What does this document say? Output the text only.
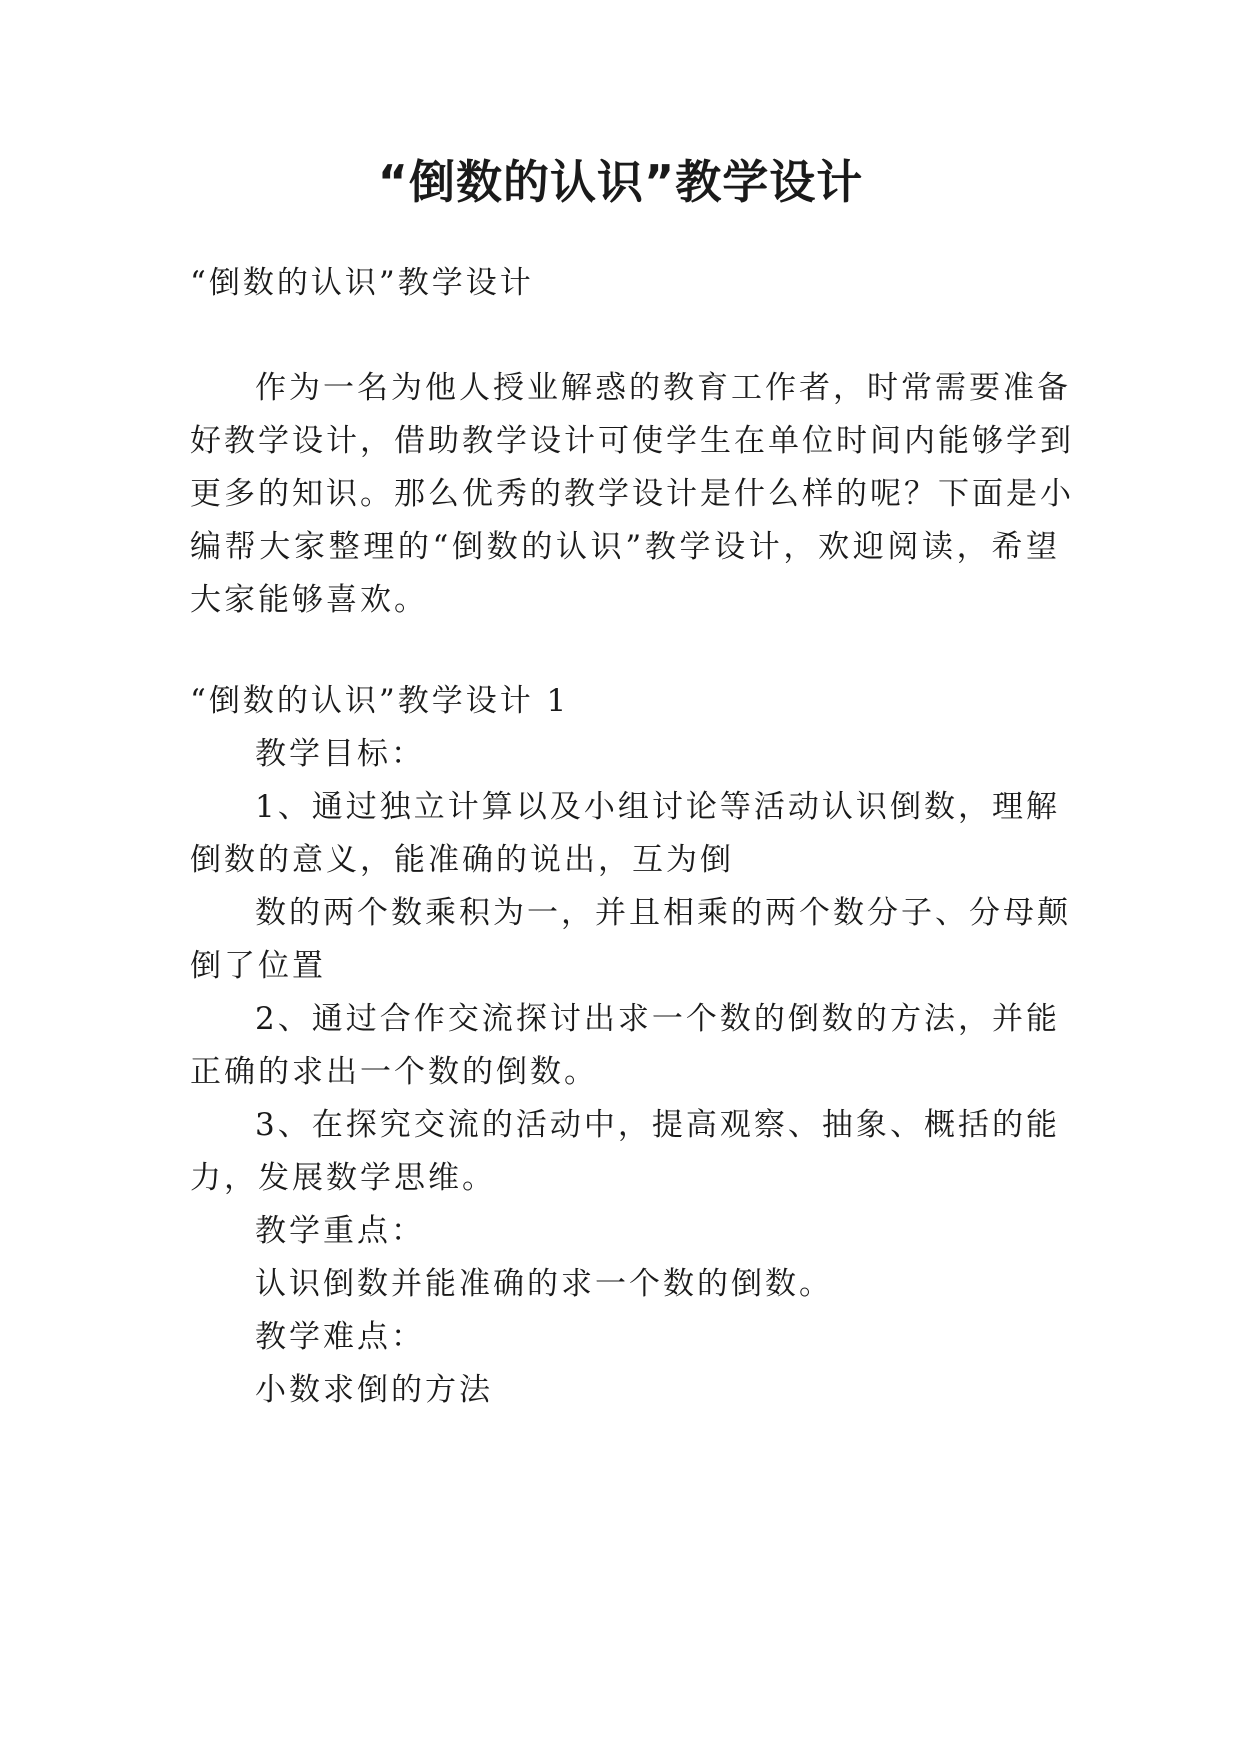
“倒数的认识”教学设计
“倒数的认识”教学设计
作为一名为他人授业解惑的教育工作者，时常需要准备
好教学设计，借助教学设计可使学生在单位时间内能够学到
更多的知识。那么优秀的教学设计是什么样的呢？下面是小
编帮大家整理的“倒数的认识”教学设计，欢迎阅读，希望
大家能够喜欢。
“倒数的认识”教学设计 1
教学目标：
1、通过独立计算以及小组讨论等活动认识倒数，理解
倒数的意义，能准确的说出，互为倒
数的两个数乘积为一，并且相乘的两个数分子、分母颠
倒了位置
2、通过合作交流探讨出求一个数的倒数的方法，并能
正确的求出一个数的倒数。
3、在探究交流的活动中，提高观察、抽象、概括的能
力，发展数学思维。
教学重点：
认识倒数并能准确的求一个数的倒数。
教学难点：
小数求倒的方法
